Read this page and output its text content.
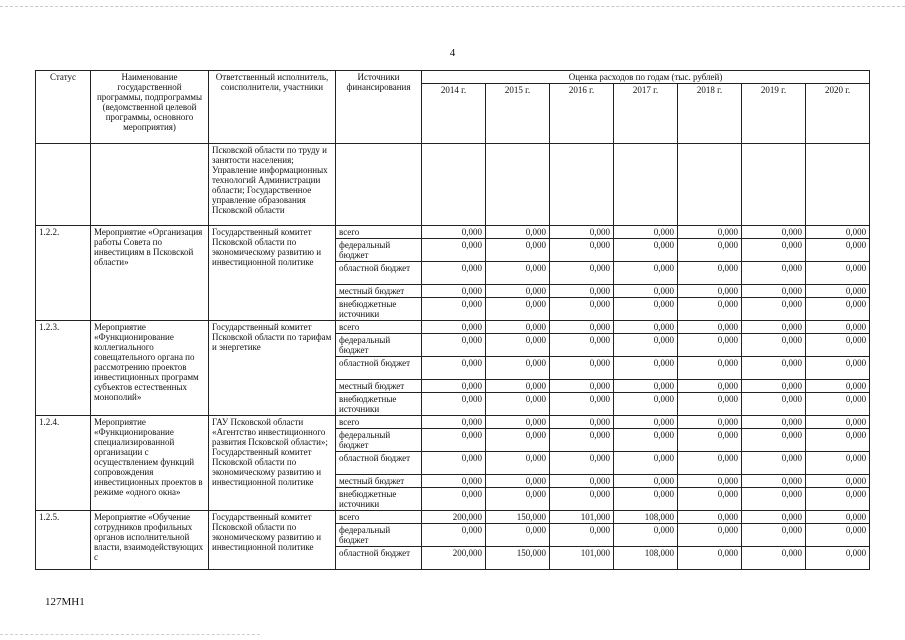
4
Статус	Наименование государственной программы, подпрограммы (ведомственной целевой программы, основного мероприятия)	Ответственный исполнитель, соисполнители, участники	Источники финансирования	Оценка расходов по годам (тыс. рублей)						
				2014 г.	2015 г.	2016 г.	2017 г.	2018 г.	2019 г.	2020 г.
		Псковской области по труду и занятости населения; Управление информационных технологий Администрации области; Государственное управление образования Псковской области								
1.2.2.	Мероприятие «Организация работы Совета по инвестициям в Псковской области»	Государственный комитет Псковской области по экономическому развитию и инвестиционной политике	всего	0,000	0,000	0,000	0,000	0,000	0,000	0,000
			федеральный бюджет	0,000	0,000	0,000	0,000	0,000	0,000	0,000
			областной бюджет	0,000	0,000	0,000	0,000	0,000	0,000	0,000
			местный бюджет	0,000	0,000	0,000	0,000	0,000	0,000	0,000
			внебюджетные источники	0,000	0,000	0,000	0,000	0,000	0,000	0,000
1.2.3.	Мероприятие «Функционирование коллегиального совещательного органа по рассмотрению проектов инвестиционных программ субъектов естественных монополий»	Государственный комитет Псковской области по тарифам и энергетике	всего	0,000	0,000	0,000	0,000	0,000	0,000	0,000
			федеральный бюджет	0,000	0,000	0,000	0,000	0,000	0,000	0,000
			областной бюджет	0,000	0,000	0,000	0,000	0,000	0,000	0,000
			местный бюджет	0,000	0,000	0,000	0,000	0,000	0,000	0,000
			внебюджетные источники	0,000	0,000	0,000	0,000	0,000	0,000	0,000
1.2.4.	Мероприятие «Функционирование специализированной организации с осуществлением функций сопровождения инвестиционных проектов в режиме «одного окна»	ГАУ Псковской области «Агентство инвестиционного развития Псковской области»; Государственный комитет Псковской области по экономическому развитию и инвестиционной политике	всего	0,000	0,000	0,000	0,000	0,000	0,000	0,000
			федеральный бюджет	0,000	0,000	0,000	0,000	0,000	0,000	0,000
			областной бюджет	0,000	0,000	0,000	0,000	0,000	0,000	0,000
			местный бюджет	0,000	0,000	0,000	0,000	0,000	0,000	0,000
			внебюджетные источники	0,000	0,000	0,000	0,000	0,000	0,000	0,000
1.2.5.	Мероприятие «Обучение сотрудников профильных органов исполнительной власти, взаимодействующих с	Государственный комитет Псковской области по экономическому развитию и инвестиционной политике	всего	200,000	150,000	101,000	108,000	0,000	0,000	0,000
			федеральный бюджет	0,000	0,000	0,000	0,000	0,000	0,000	0,000
			областной бюджет	200,000	150,000	101,000	108,000	0,000	0,000	0,000
127МН1
